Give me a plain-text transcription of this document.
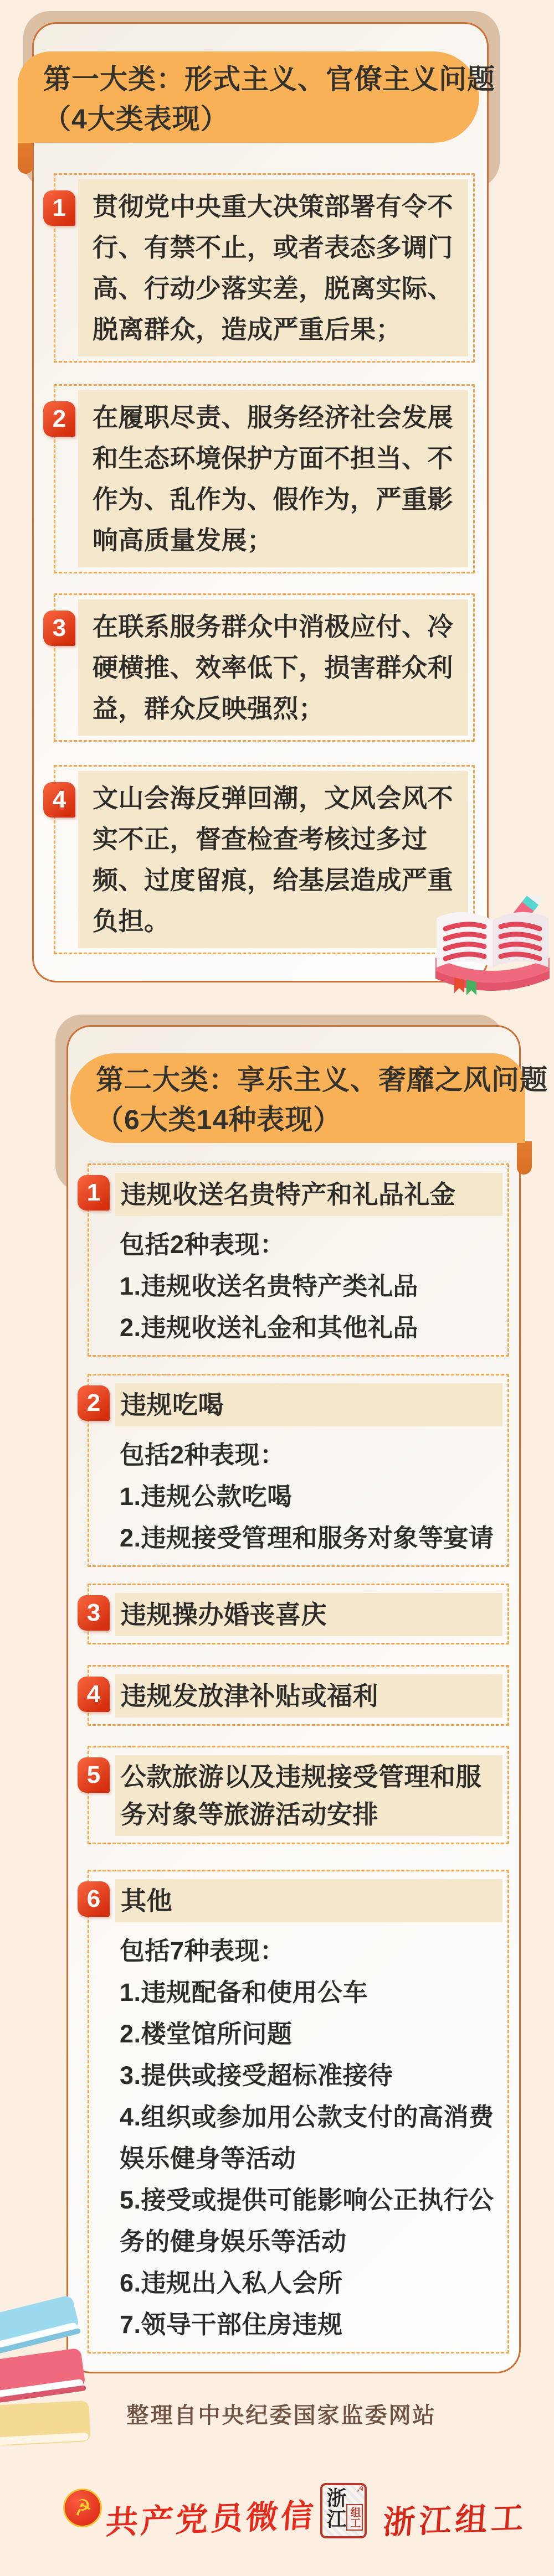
第一大类：形式主义、官僚主义问题
（4大类表现）
1 贯彻党中央重大决策部署有令不行、有禁不止，或者表态多调门高、行动少落实差，脱离实际、脱离群众，造成严重后果；

2 在履职尽责、服务经济社会发展和生态环境保护方面不担当、不作为、乱作为、假作为，严重影响高质量发展；

3 在联系服务群众中消极应付、冷硬横推、效率低下，损害群众利益，群众反映强烈；

4 文山会海反弹回潮，文风会风不实不正，督查检查考核过多过频、过度留痕，给基层造成严重负担。

第二大类：享乐主义、奢靡之风问题
（6大类14种表现）
1 违规收送名贵特产和礼品礼金
包括2种表现：
1.违规收送名贵特产类礼品
2.违规收送礼金和其他礼品
2 违规吃喝
包括2种表现：
1.违规公款吃喝
2.违规接受管理和服务对象等宴请
3 违规操办婚丧喜庆
4 违规发放津补贴或福利
5 公款旅游以及违规接受管理和服务对象等旅游活动安排
6 其他
包括7种表现：
1.违规配备和使用公车
2.楼堂馆所问题
3.提供或接受超标准接待
4.组织或参加用公款支付的高消费娱乐健身等活动
5.接受或提供可能影响公正执行公务的健身娱乐等活动
6.违规出入私人会所
7.领导干部住房违规
整理自中央纪委国家监委网站
☭ 共产党员微信 浙江 组工
☭
浙江组工
